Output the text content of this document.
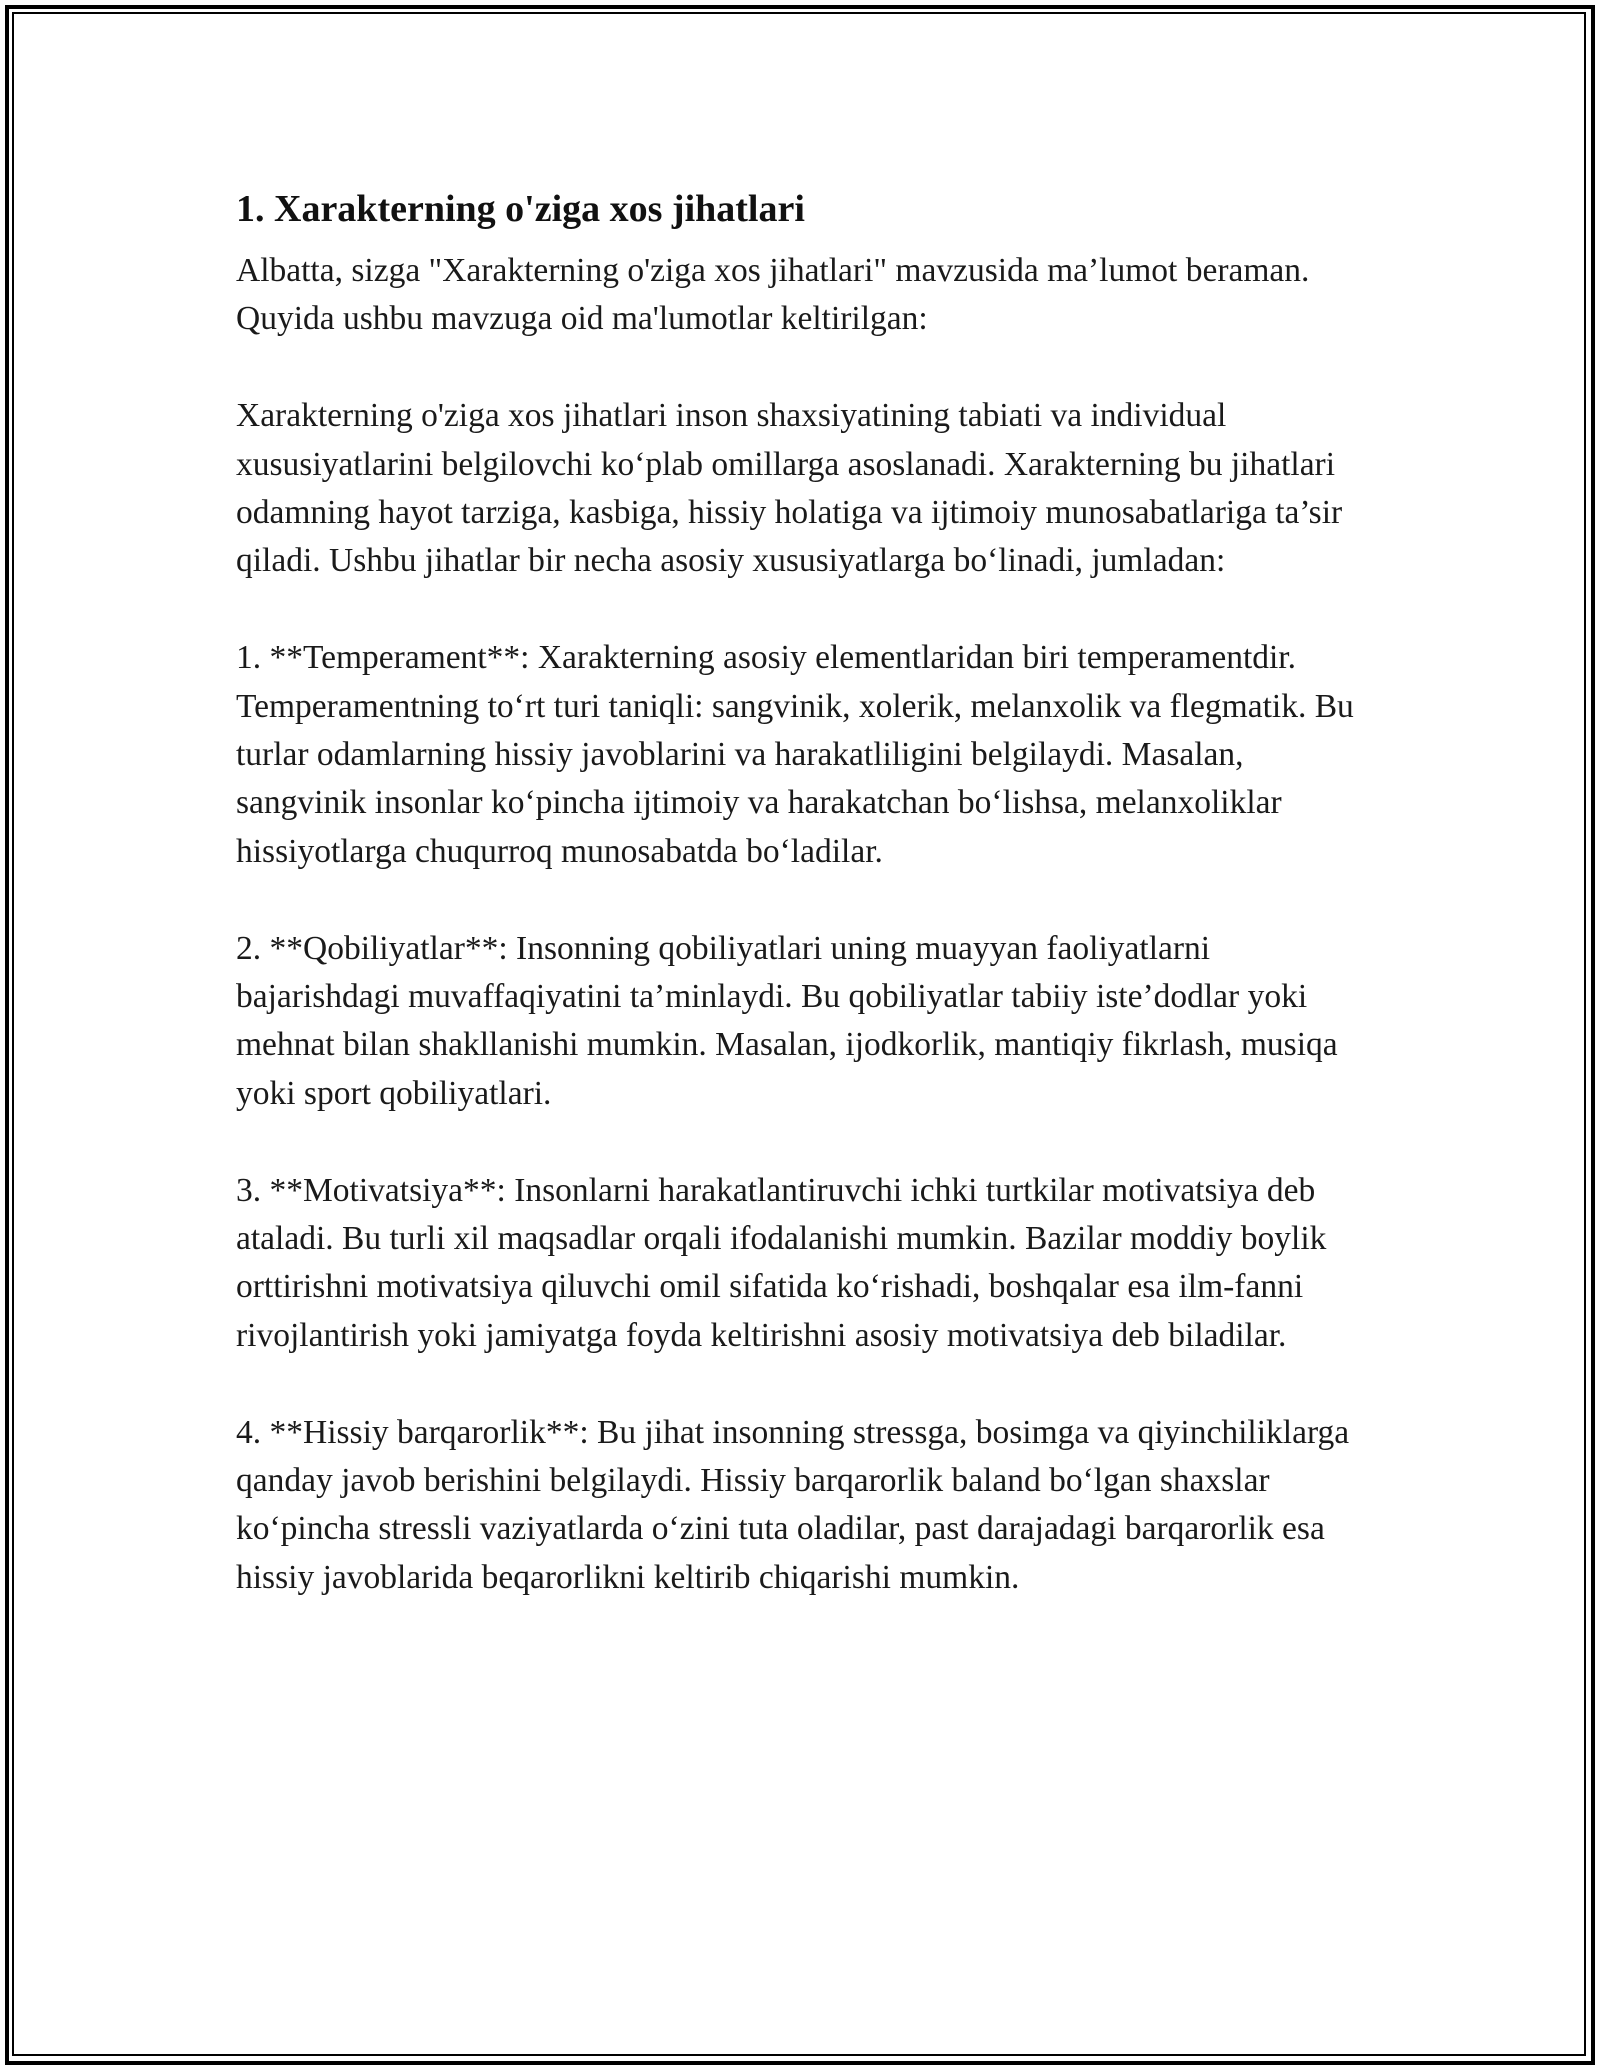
1. Xarakterning o'ziga xos jihatlari

Albatta, sizga "Xarakterning o'ziga xos jihatlari" mavzusida ma’lumot beraman. Quyida ushbu mavzuga oid ma'lumotlar keltirilgan:

Xarakterning o'ziga xos jihatlari inson shaxsiyatining tabiati va individual xususiyatlarini belgilovchi ko‘plab omillarga asoslanadi. Xarakterning bu jihatlari odamning hayot tarziga, kasbiga, hissiy holatiga va ijtimoiy munosabatlariga ta’sir qiladi. Ushbu jihatlar bir necha asosiy xususiyatlarga bo‘linadi, jumladan:

1. **Temperament**: Xarakterning asosiy elementlaridan biri temperamentdir. Temperamentning to‘rt turi taniqli: sangvinik, xolerik, melanxolik va flegmatik. Bu turlar odamlarning hissiy javoblarini va harakatliligini belgilaydi. Masalan, sangvinik insonlar ko‘pincha ijtimoiy va harakatchan bo‘lishsa, melanxoliklar hissiyotlarga chuqurroq munosabatda bo‘ladilar.

2. **Qobiliyatlar**: Insonning qobiliyatlari uning muayyan faoliyatlarni bajarishdagi muvaffaqiyatini ta’minlaydi. Bu qobiliyatlar tabiiy iste’dodlar yoki mehnat bilan shakllanishi mumkin. Masalan, ijodkorlik, mantiqiy fikrlash, musiqa yoki sport qobiliyatlari.

3. **Motivatsiya**: Insonlarni harakatlantiruvchi ichki turtkilar motivatsiya deb ataladi. Bu turli xil maqsadlar orqali ifodalanishi mumkin. Bazilar moddiy boylik orttirishni motivatsiya qiluvchi omil sifatida ko‘rishadi, boshqalar esa ilm-fanni rivojlantirish yoki jamiyatga foyda keltirishni asosiy motivatsiya deb biladilar.

4. **Hissiy barqarorlik**: Bu jihat insonning stressga, bosimga va qiyinchiliklarga qanday javob berishini belgilaydi. Hissiy barqarorlik baland bo‘lgan shaxslar ko‘pincha stressli vaziyatlarda o‘zini tuta oladilar, past darajadagi barqarorlik esa hissiy javoblarida beqarorlikni keltirib chiqarishi mumkin.
